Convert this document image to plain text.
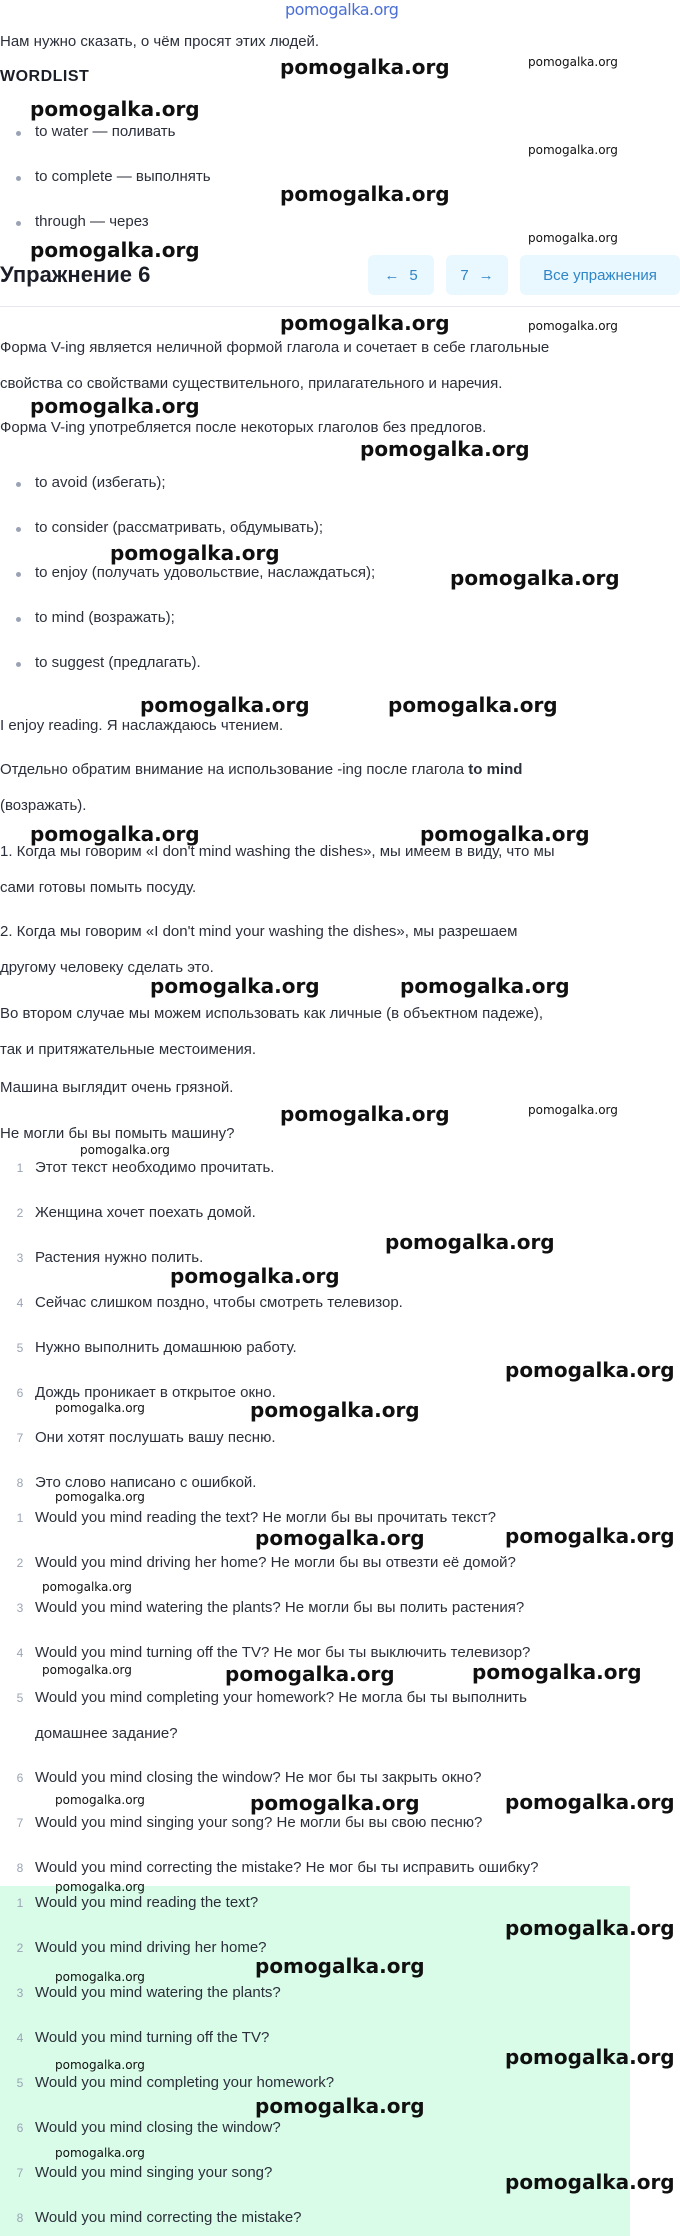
pomogalka.org
Нам нужно сказать, о чём просят этих людей.
WORDLIST
to water — поливать
to complete — выполнять
through — через
Упражнение 6	← 5	7 →	Все упражнения
Форма V-ing является неличной формой глагола и сочетает в себе глагольные
свойства со свойствами существительного, прилагательного и наречия.
Форма V-ing употребляется после некоторых глаголов без предлогов.
to avoid (избегать);
to consider (рассматривать, обдумывать);
to enjoy (получать удовольствие, наслаждаться);
to mind (возражать);
to suggest (предлагать).
I enjoy reading. Я наслаждаюсь чтением.
Отдельно обратим внимание на использование -ing после глагола to mind
(возражать).
1. Когда мы говорим «I don't mind washing the dishes», мы имеем в виду, что мы
сами готовы помыть посуду.
2. Когда мы говорим «I don't mind your washing the dishes», мы разрешаем
другому человеку сделать это.
Во втором случае мы можем использовать как личные (в объектном падеже),
так и притяжательные местоимения.
Машина выглядит очень грязной.
Не могли бы вы помыть машину?
1 Этот текст необходимо прочитать.
2 Женщина хочет поехать домой.
3 Растения нужно полить.
4 Сейчас слишком поздно, чтобы смотреть телевизор.
5 Нужно выполнить домашнюю работу.
6 Дождь проникает в открытое окно.
7 Они хотят послушать вашу песню.
8 Это слово написано с ошибкой.
1 Would you mind reading the text? Не могли бы вы прочитать текст?
2 Would you mind driving her home? Не могли бы вы отвезти её домой?
3 Would you mind watering the plants? Не могли бы вы полить растения?
4 Would you mind turning off the TV? Не мог бы ты выключить телевизор?
5 Would you mind completing your homework? Не могла бы ты выполнить
домашнее задание?
6 Would you mind closing the window? Не мог бы ты закрыть окно?
7 Would you mind singing your song? Не могли бы вы свою песню?
8 Would you mind correcting the mistake? Не мог бы ты исправить ошибку?
1 Would you mind reading the text?
2 Would you mind driving her home?
3 Would you mind watering the plants?
4 Would you mind turning off the TV?
5 Would you mind completing your homework?
6 Would you mind closing the window?
7 Would you mind singing your song?
8 Would you mind correcting the mistake?
pomogalka.org	pomogalka.org
pomogalka.org
pomogalka.org
pomogalka.org
pomogalka.org	pomogalka.org
pomogalka.org	pomogalka.org
pomogalka.org
pomogalka.org
pomogalka.org
pomogalka.org
pomogalka.org	pomogalka.org
pomogalka.org	pomogalka.org
pomogalka.org	pomogalka.org
pomogalka.org	pomogalka.org
pomogalka.org
pomogalka.org
pomogalka.org
pomogalka.org
pomogalka.org	pomogalka.org
pomogalka.org
pomogalka.org	pomogalka.org
pomogalka.org
pomogalka.org	pomogalka.org	pomogalka.org
pomogalka.org	pomogalka.org	pomogalka.org
pomogalka.org
pomogalka.org
pomogalka.org
pomogalka.org
pomogalka.org	pomogalka.org
pomogalka.org
pomogalka.org
pomogalka.org
